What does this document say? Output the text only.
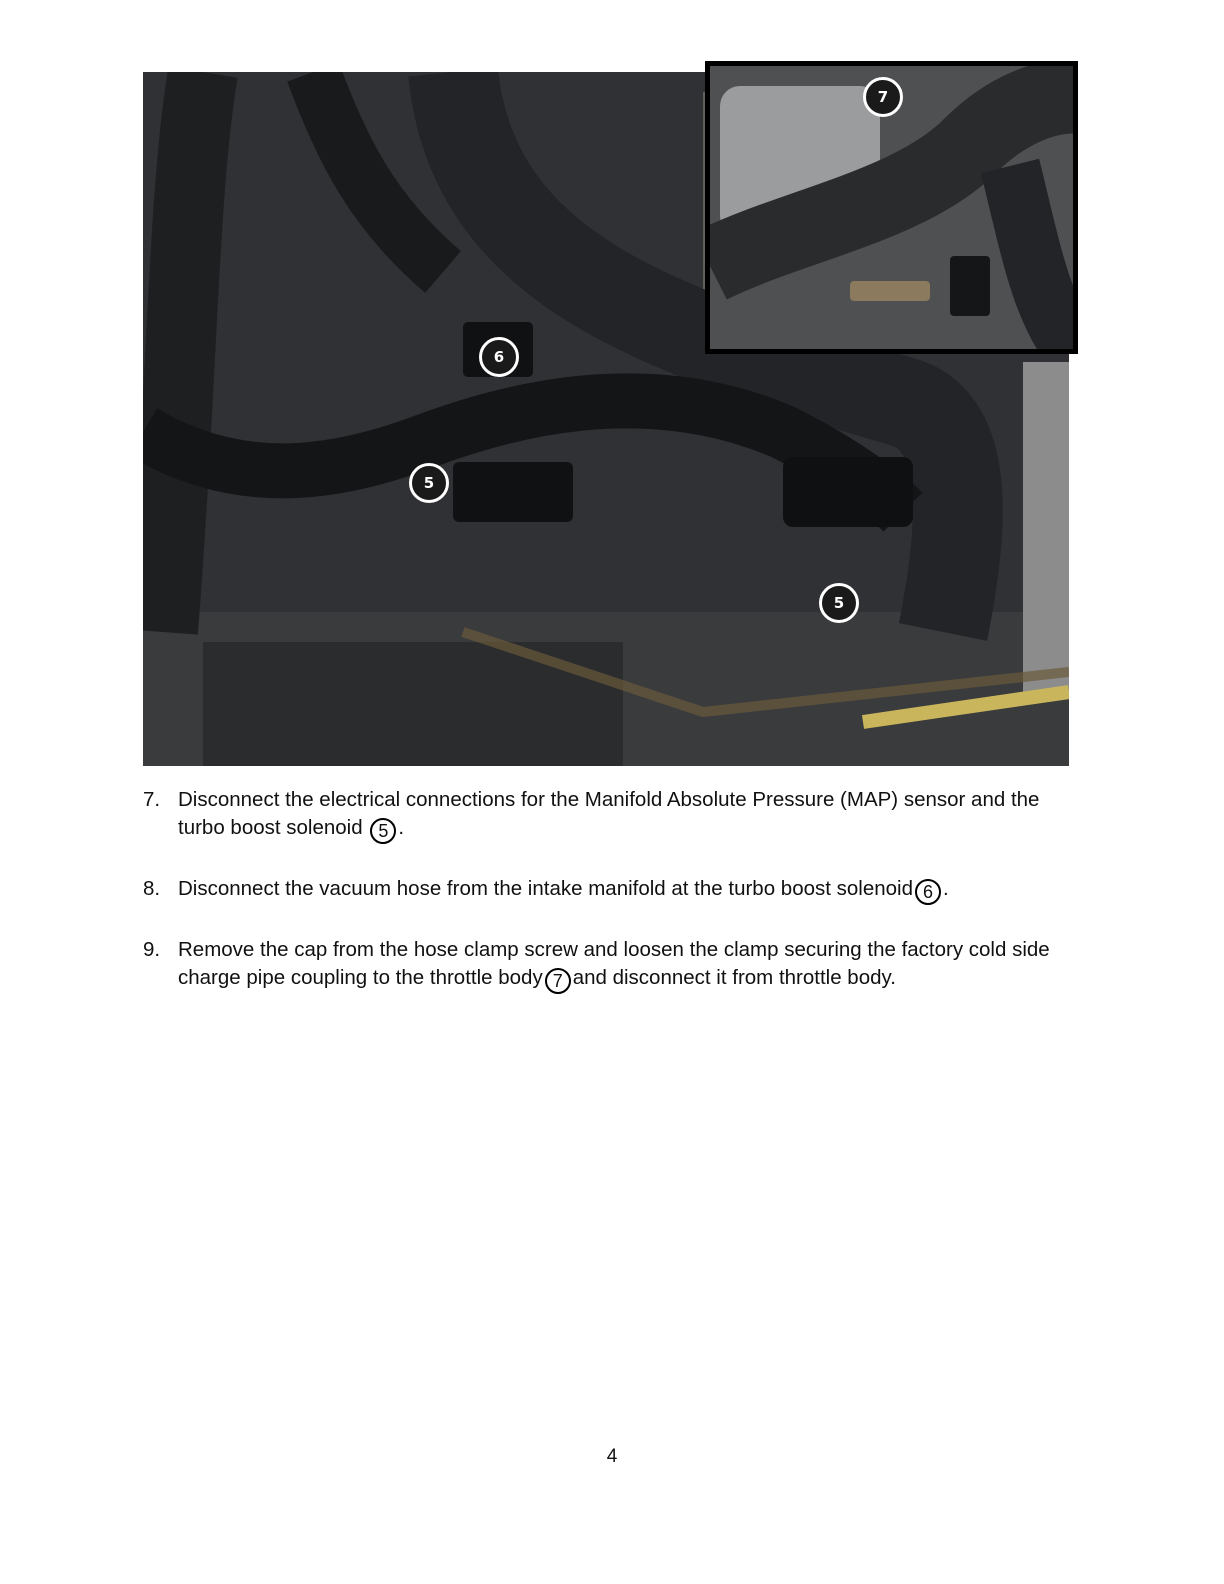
6
5
5
7
7. Disconnect the electrical connections for the Manifold Absolute Pressure (MAP) sensor and the turbo boost solenoid 5 .
8. Disconnect the vacuum hose from the intake manifold at the turbo boost solenoid 6 .
9. Remove the cap from the hose clamp screw and loosen the clamp securing the factory cold side charge pipe coupling to the throttle body 7 and disconnect it from throttle body.
4
